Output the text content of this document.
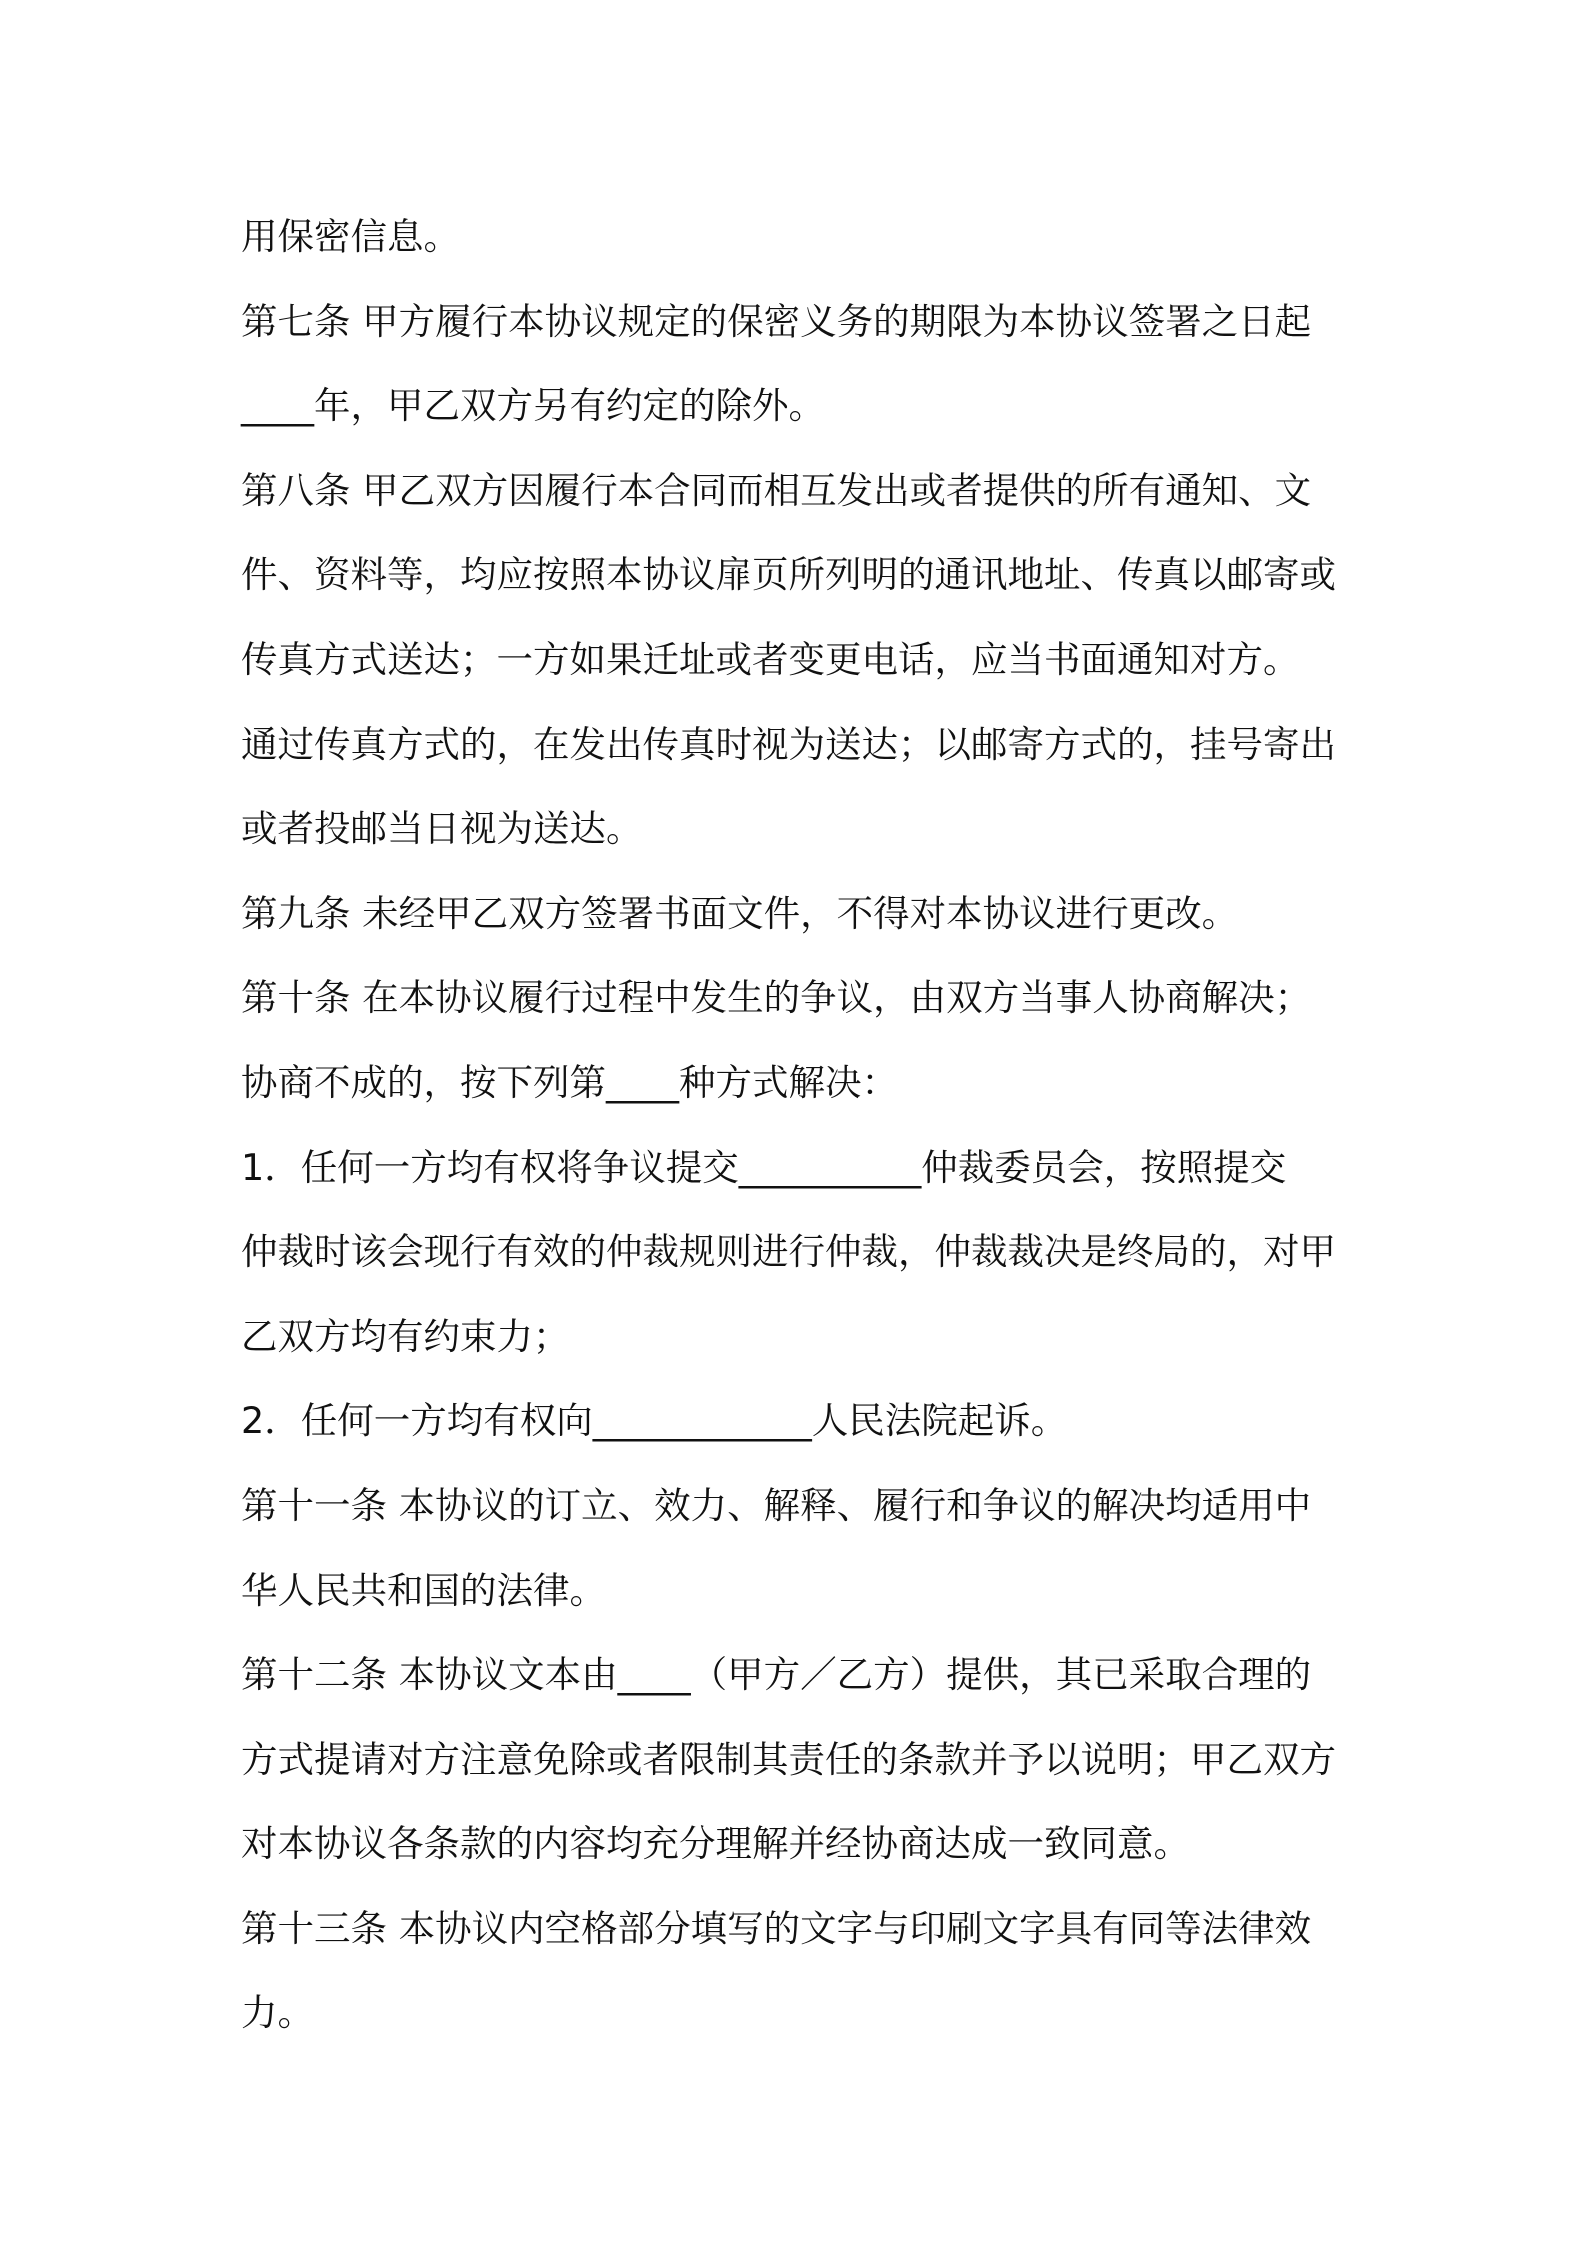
用保密信息。
第七条 甲方履行本协议规定的保密义务的期限为本协议签署之日起
____年，甲乙双方另有约定的除外。
第八条 甲乙双方因履行本合同而相互发出或者提供的所有通知、文
件、资料等，均应按照本协议扉页所列明的通讯地址、传真以邮寄或
传真方式送达；一方如果迁址或者变更电话，应当书面通知对方。
通过传真方式的，在发出传真时视为送达；以邮寄方式的，挂号寄出
或者投邮当日视为送达。
第九条 未经甲乙双方签署书面文件，不得对本协议进行更改。
第十条 在本协议履行过程中发生的争议，由双方当事人协商解决；
协商不成的，按下列第____种方式解决：
1．任何一方均有权将争议提交__________仲裁委员会，按照提交
仲裁时该会现行有效的仲裁规则进行仲裁，仲裁裁决是终局的，对甲
乙双方均有约束力；
2．任何一方均有权向____________人民法院起诉。
第十一条 本协议的订立、效力、解释、履行和争议的解决均适用中
华人民共和国的法律。
第十二条 本协议文本由____（甲方／乙方）提供，其已采取合理的
方式提请对方注意免除或者限制其责任的条款并予以说明；甲乙双方
对本协议各条款的内容均充分理解并经协商达成一致同意。
第十三条 本协议内空格部分填写的文字与印刷文字具有同等法律效
力。
